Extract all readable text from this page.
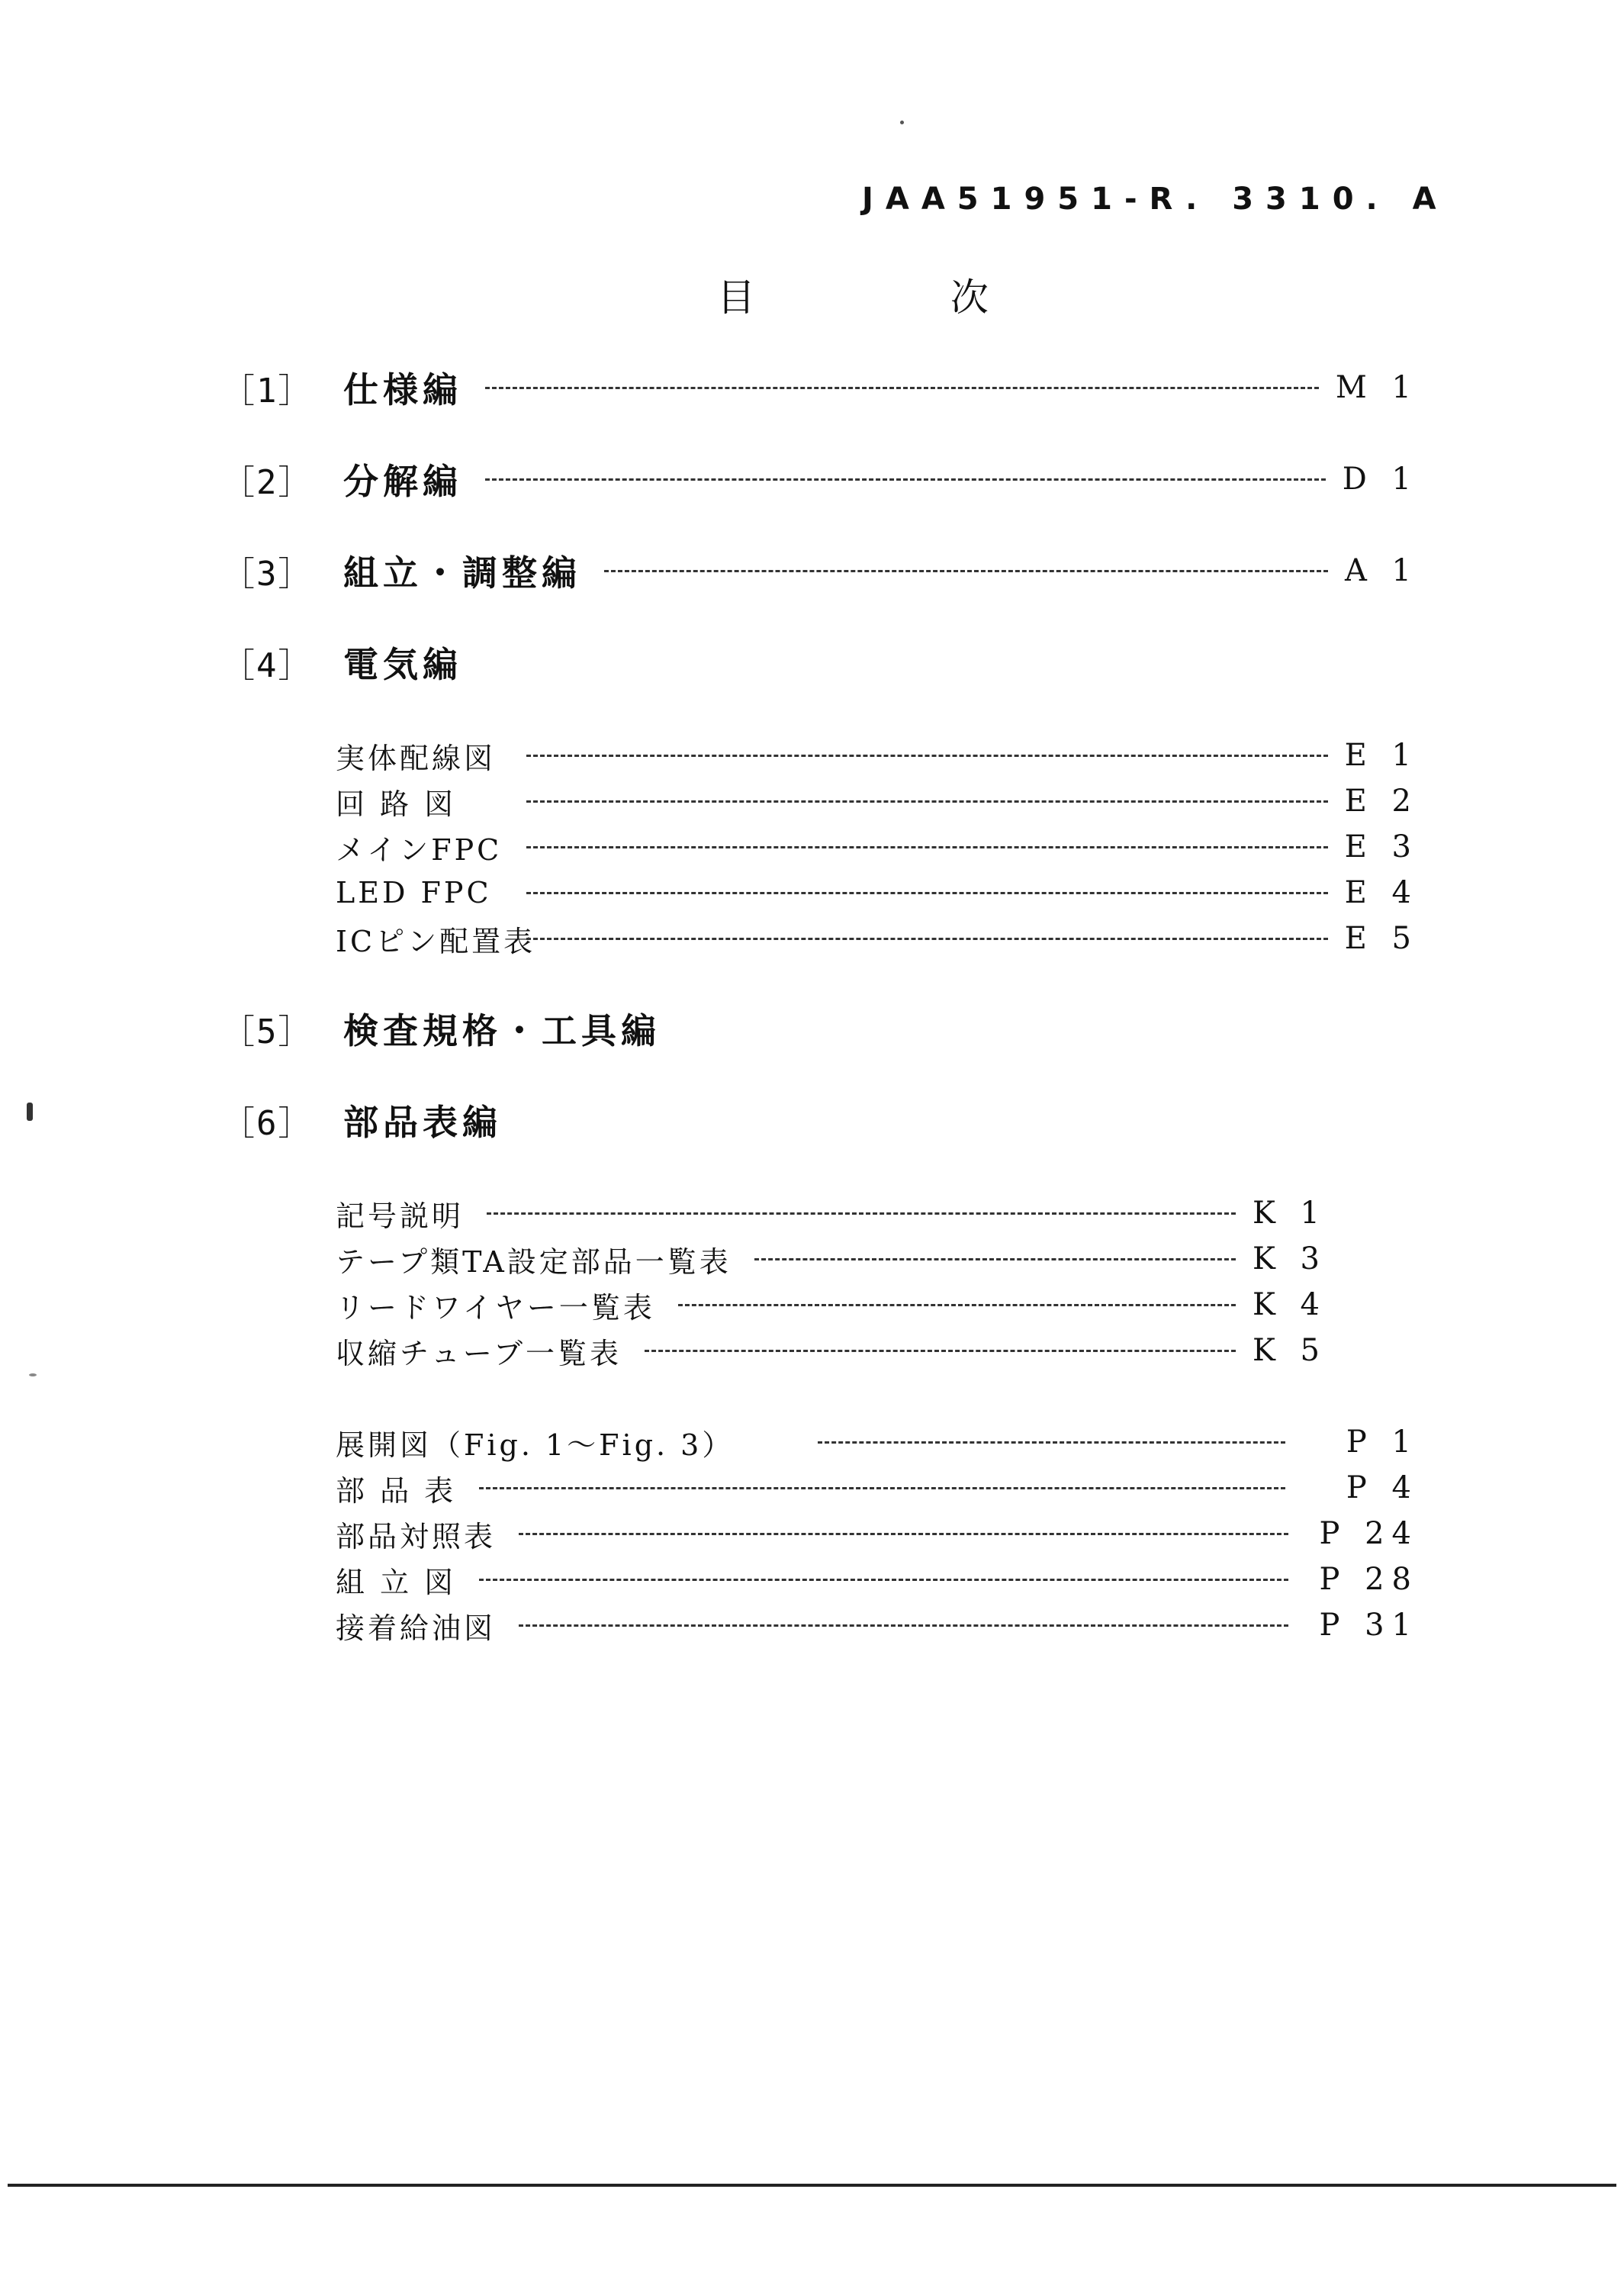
JAA51951-R. 3310. A
目 次
［1］ 仕様編	M 1
［2］ 分解編	D 1
［3］ 組立・調整編	A 1
［4］ 電気編
実体配線図	E 1
回 路 図	E 2
メインFPC	E 3
LED FPC	E 4
ICピン配置表	E 5
［5］ 検査規格・工具編
［6］ 部品表編
記号説明	K 1
テープ類TA設定部品一覧表	K 3
リードワイヤー一覧表	K 4
収縮チューブ一覧表	K 5
展開図（Fig. 1～Fig. 3）	P 1
部 品 表	P 4
部品対照表	P 24
組 立 図	P 28
接着給油図	P 31
